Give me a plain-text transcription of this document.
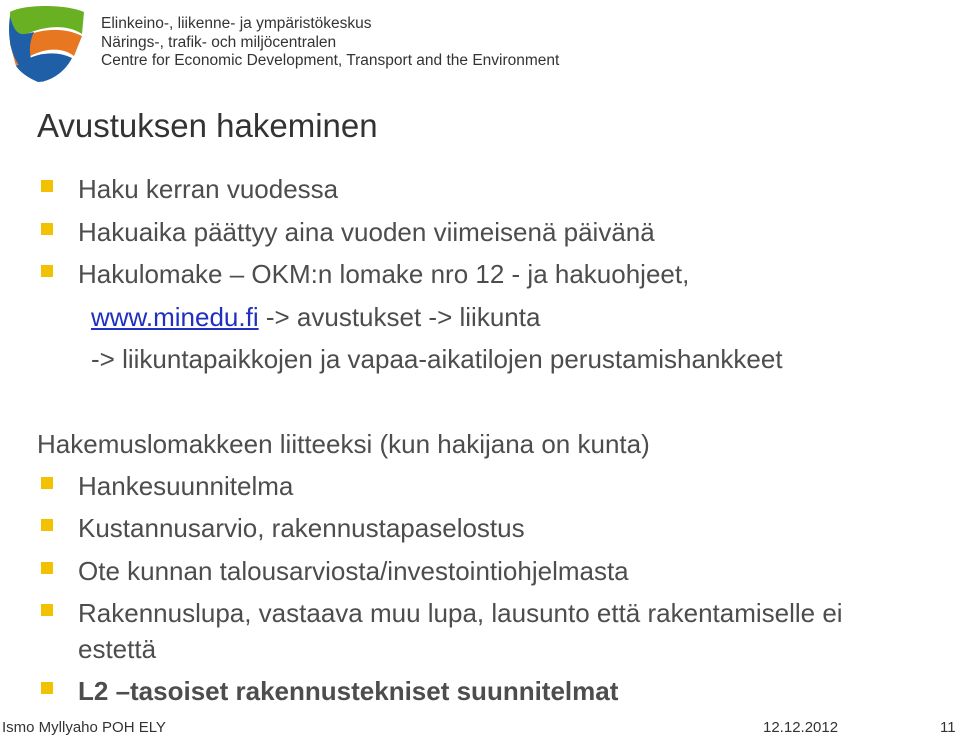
Elinkeino-, liikenne- ja ympäristökeskus
Närings-, trafik- och miljöcentralen
Centre for Economic Development, Transport and the Environment
Avustuksen hakeminen
Haku kerran vuodessa
Hakuaika päättyy aina vuoden viimeisenä päivänä
Hakulomake – OKM:n lomake nro 12 - ja hakuohjeet,
www.minedu.fi -> avustukset -> liikunta
-> liikuntapaikkojen ja vapaa-aikatilojen perustamishankkeet
Hakemuslomakkeen liitteeksi (kun hakijana on kunta)
Hankesuunnitelma
Kustannusarvio, rakennustapaselostus
Ote kunnan talousarviosta/investointiohjelmasta
Rakennuslupa, vastaava muu lupa, lausunto että rakentamiselle ei
estettä
L2 –tasoiset rakennustekniset suunnitelmat
Ismo Myllyaho POH ELY	12.12.2012	11
